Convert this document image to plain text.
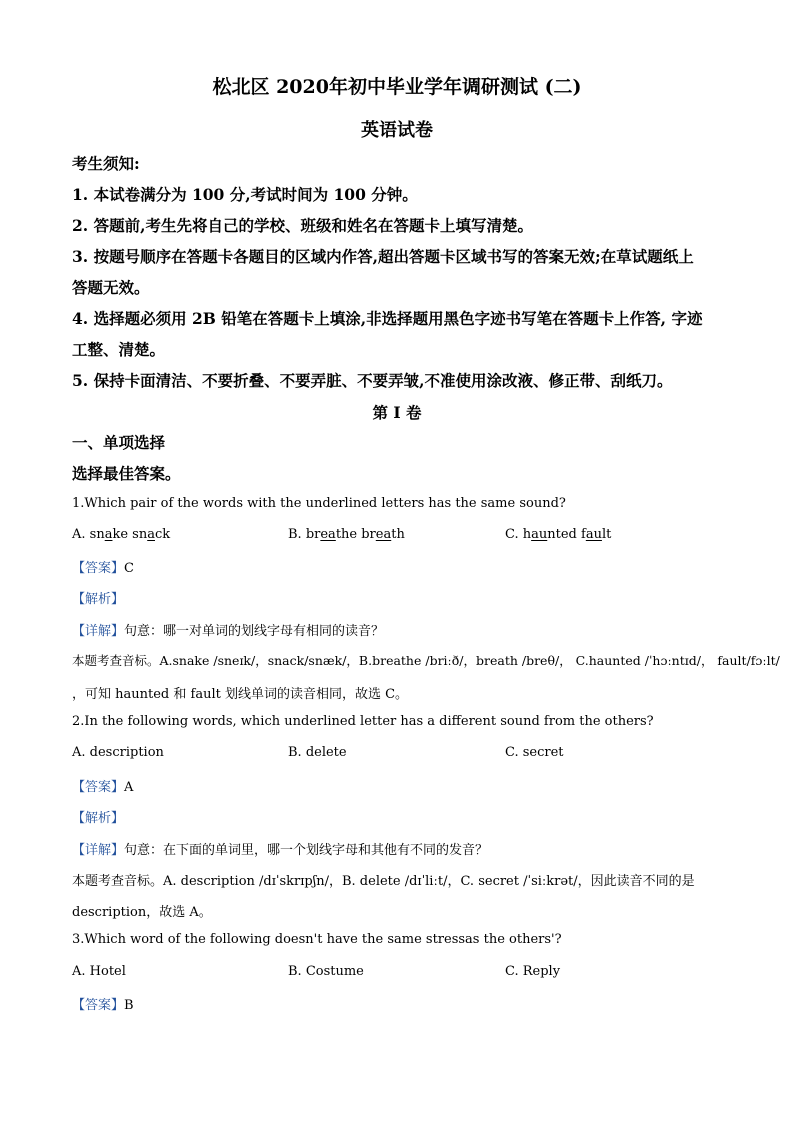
松北区 2020年初中毕业学年调研测试 (二)
英语试卷
考生须知:
1. 本试卷满分为 100 分,考试时间为 100 分钟。
2. 答题前,考生先将自己的学校、班级和姓名在答题卡上填写清楚。
3. 按题号顺序在答题卡各题目的区域内作答,超出答题卡区域书写的答案无效;在草试题纸上
答题无效。
4. 选择题必须用 2B 铅笔在答题卡上填涂,非选择题用黑色字迹书写笔在答题卡上作答, 字迹
工整、清楚。
5. 保持卡面清洁、不要折叠、不要弄脏、不要弄皱,不准使用涂改液、修正带、刮纸刀。
第 I 卷
一、单项选择
选择最佳答案。
1.Which pair of the words with the underlined letters has the same sound?
A. snake snack	B. breathe breath	C. haunted fault
【答案】C
【解析】
【详解】句意：哪一对单词的划线字母有相同的读音？
本题考查音标。A.snake /sneɪk/，snack/snæk/，B.breathe /briːð/，breath /breθ/， C.haunted /ˈhɔːntɪd/， fault/fɔːlt/
，可知 haunted 和 fault 划线单词的读音相同，故选 C。
2.In the following words, which underlined letter has a different sound from the others?
A. description	B. delete	C. secret
【答案】A
【解析】
【详解】句意：在下面的单词里，哪一个划线字母和其他有不同的发音？
本题考查音标。A. description /dɪˈskrɪpʃn/，B. delete /dɪˈliːt/，C. secret /ˈsiːkrət/，因此读音不同的是
description，故选 A。
3.Which word of the following doesn't have the same stressas the others'?
A. Hotel	B. Costume	C. Reply
【答案】B
